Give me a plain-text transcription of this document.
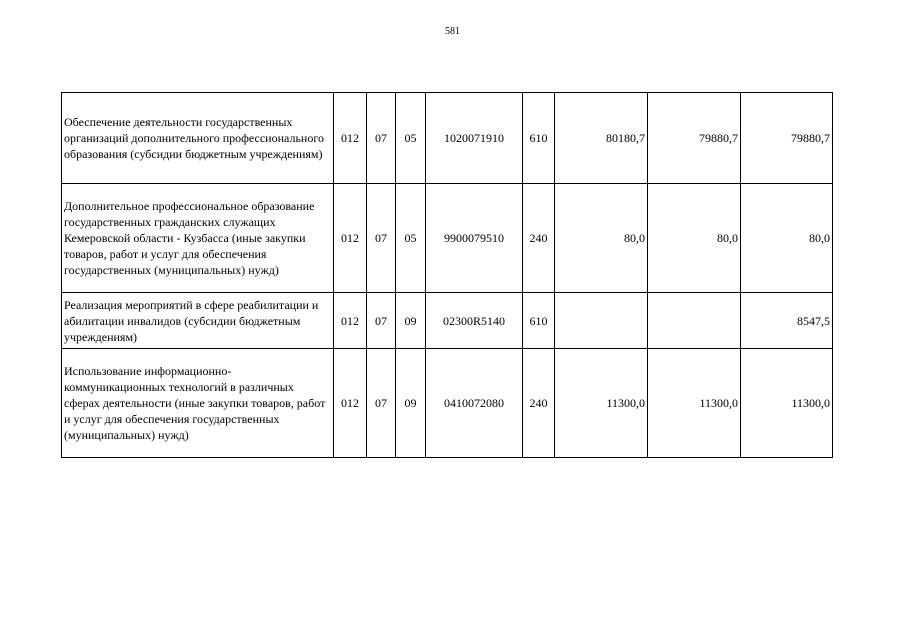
581
Обеспечение деятельности государственных организаций дополнительного профессионального образования (субсидии бюджетным учреждениям)	012	07	05	1020071910	610	80180,7	79880,7	79880,7
Дополнительное профессиональное образование государственных гражданских служащих Кемеровской области - Кузбасса (иные закупки товаров, работ и услуг для обеспечения государственных (муниципальных) нужд)	012	07	05	9900079510	240	80,0	80,0	80,0
Реализация мероприятий в сфере реабилитации и абилитации инвалидов (субсидии бюджетным учреждениям)	012	07	09	02300R5140	610			8547,5
Использование информационно-коммуникационных технологий в различных сферах деятельности (иные закупки товаров, работ и услуг для обеспечения государственных (муниципальных) нужд)	012	07	09	0410072080	240	11300,0	11300,0	11300,0
